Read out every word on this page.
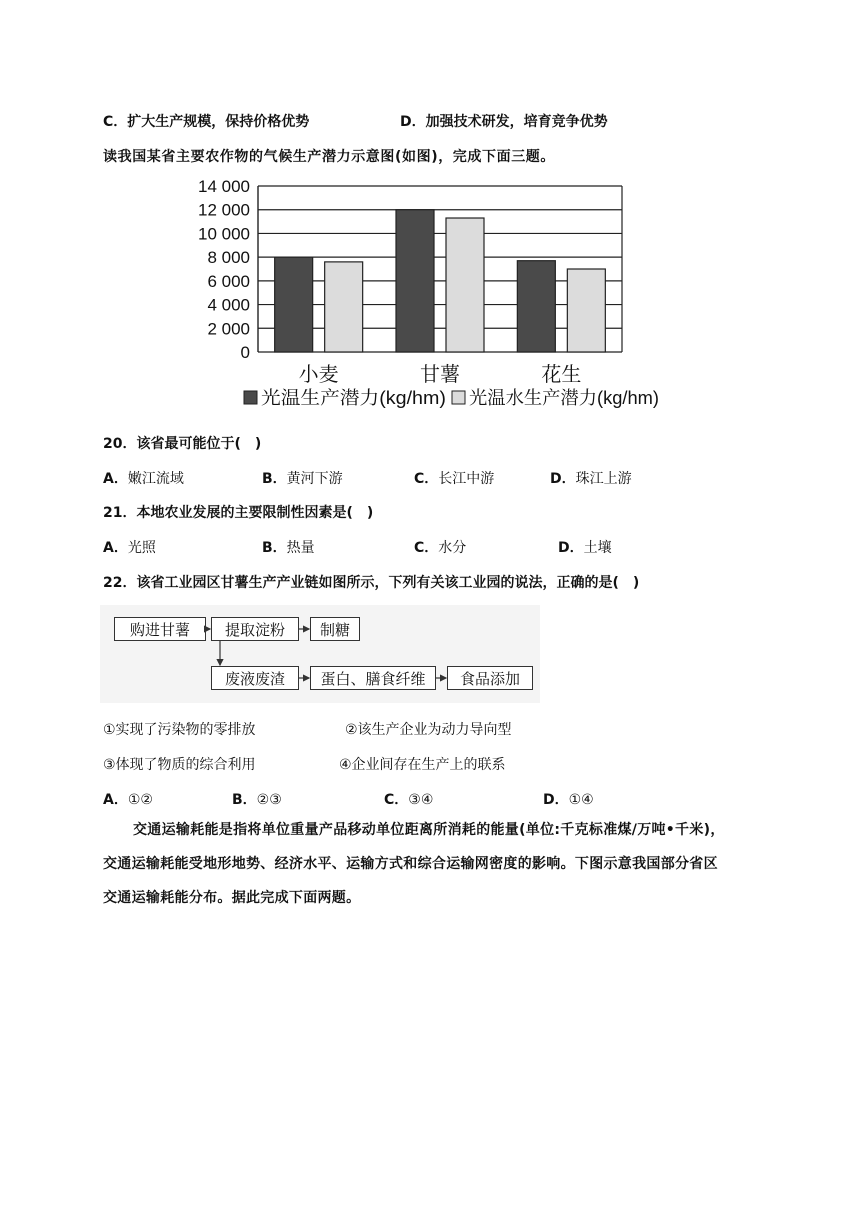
C．扩大生产规模，保持价格优势	D．加强技术研发，培育竞争优势
读我国某省主要农作物的气候生产潜力示意图(如图)，完成下面三题。
0
2 000
4 000
6 000
8 000
10 000
12 000
14 000
小麦	甘薯	花生
光温生产潜力(kg/hm) 光温水生产潜力(kg/hm)
20．该省最可能位于(　)
A．嫩江流域	B．黄河下游	C．长江中游	D．珠江上游
21．本地农业发展的主要限制性因素是(　)
A．光照	B．热量	C．水分	D．土壤
22．该省工业园区甘薯生产产业链如图所示，下列有关该工业园的说法，正确的是(　)
购进甘薯	提取淀粉	制糖
废液废渣	蛋白、膳食纤维	食品添加
①实现了污染物的零排放	②该生产企业为动力导向型
③体现了物质的综合利用	④企业间存在生产上的联系
A．①②	B．②③	C．③④	D．①④
交通运输耗能是指将单位重量产品移动单位距离所消耗的能量(单位:千克标准煤/万吨•千米)，
交通运输耗能受地形地势、经济水平、运输方式和综合运输网密度的影响。下图示意我国部分省区
交通运输耗能分布。据此完成下面两题。
